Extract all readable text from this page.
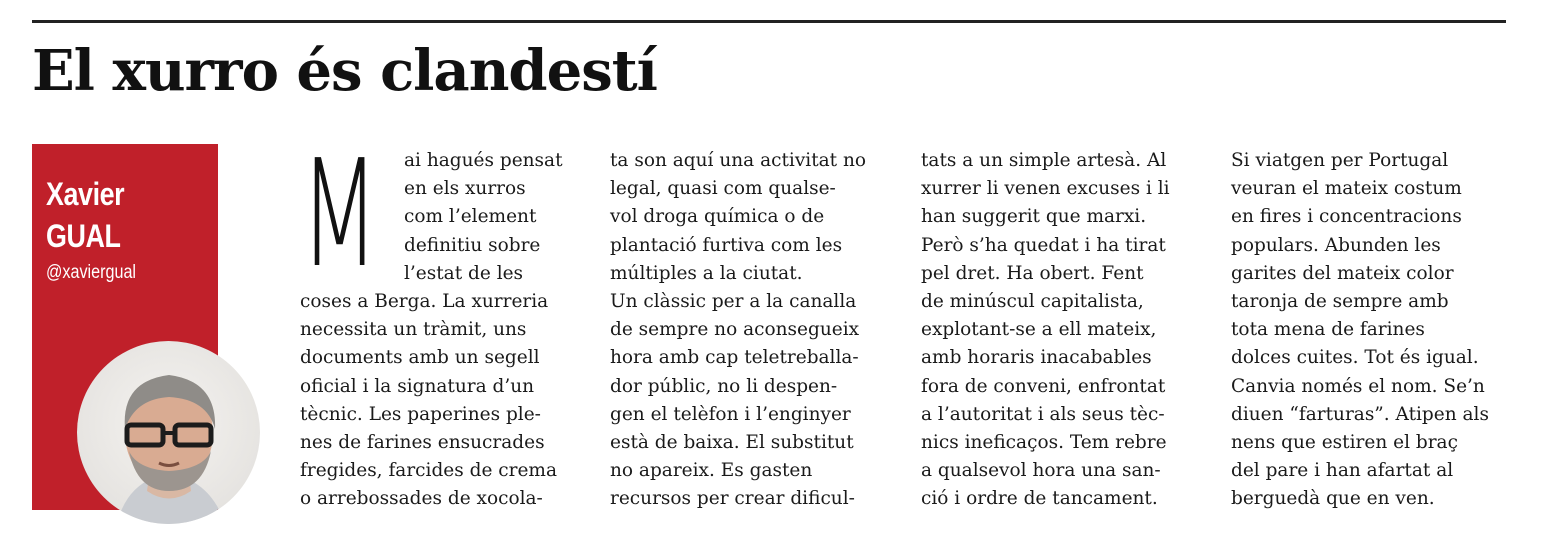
El xurro és clandestí
Xavier
GUAL
@xaviergual M	ai hagués pensat
en els xurros
com l’element
definitiu sobre
l’estat de les
coses a Berga. La xurreria
necessita un tràmit, uns
documents amb un segell
oficial i la signatura d’un
tècnic. Les paperines ple-
nes de farines ensucrades
fregides, farcides de crema
o arrebossades de xocola-
ta son aquí una activitat no
legal, quasi com qualse-
vol droga química o de
plantació furtiva com les
múltiples a la ciutat.
Un clàssic per a la canalla
de sempre no aconsegueix
hora amb cap teletreballa-
dor públic, no li despen-
gen el telèfon i l’enginyer
està de baixa. El substitut
no apareix. Es gasten
recursos per crear dificul-
tats a un simple artesà. Al
xurrer li venen excuses i li
han suggerit que marxi.
Però s’ha quedat i ha tirat
pel dret. Ha obert. Fent
de minúscul capitalista,
explotant-se a ell mateix,
amb horaris inacabables
fora de conveni, enfrontat
a l’autoritat i als seus tèc-
nics ineficaços. Tem rebre
a qualsevol hora una san-
ció i ordre de tancament.
Si viatgen per Portugal
veuran el mateix costum
en fires i concentracions
populars. Abunden les
garites del mateix color
taronja de sempre amb
tota mena de farines
dolces cuites. Tot és igual.
Canvia només el nom. Se’n
diuen “farturas”. Atipen als
nens que estiren el braç
del pare i han afartat al
berguedà que en ven.
